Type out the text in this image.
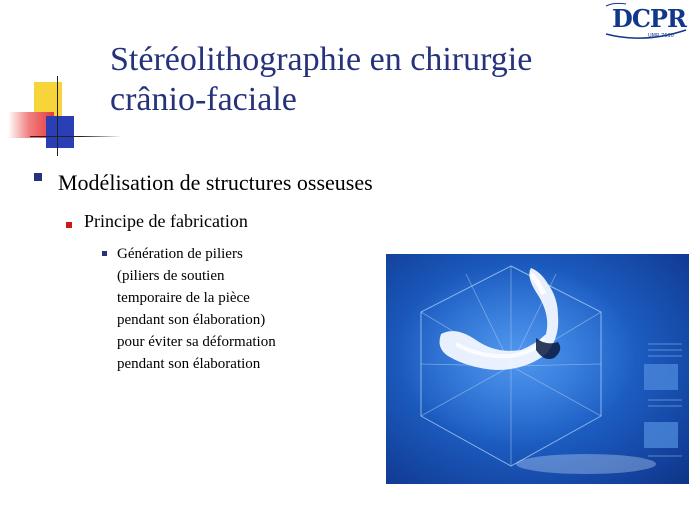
DCPR
UMR 7630
Stéréolithographie en chirurgie
crânio-faciale
Modélisation de structures osseuses
Principe de fabrication
Génération de piliers
(piliers de soutien
temporaire de la pièce
pendant son élaboration)
pour éviter sa déformation
pendant son élaboration
